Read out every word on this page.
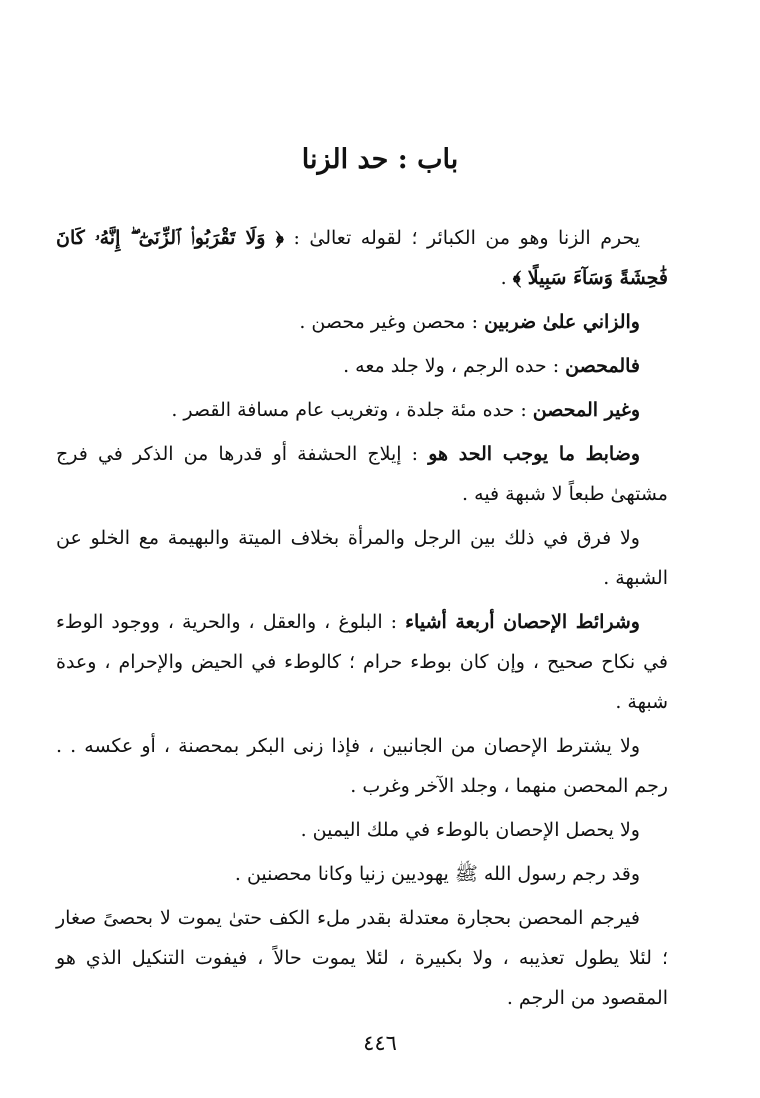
باب : حد الزنا

يحرم الزنا وهو من الكبائر ؛ لقوله تعالىٰ : ﴿ وَلَا تَقْرَبُوا۟ ٱلزِّنَىٰٓ ۖ إِنَّهُۥ كَانَ فَٰحِشَةً وَسَآءَ سَبِيلًا ﴾ .

والزاني علىٰ ضربين : محصن وغير محصن .

فالمحصن : حده الرجم ، ولا جلد معه .

وغير المحصن : حده مئة جلدة ، وتغريب عام مسافة القصر .

وضابط ما يوجب الحد هو : إيلاج الحشفة أو قدرها من الذكر في فرج مشتهىٰ طبعاً لا شبهة فيه .

ولا فرق في ذلك بين الرجل والمرأة بخلاف الميتة والبهيمة مع الخلو عن الشبهة .

وشرائط الإحصان أربعة أشياء : البلوغ ، والعقل ، والحرية ، ووجود الوطء في نكاح صحيح ، وإن كان بوطء حرام ؛ كالوطء في الحيض والإحرام ، وعدة شبهة .

ولا يشترط الإحصان من الجانبين ، فإذا زنى البكر بمحصنة ، أو عكسه . . رجم المحصن منهما ، وجلد الآخر وغرب .

ولا يحصل الإحصان بالوطء في ملك اليمين .

وقد رجم رسول الله ﷺ يهوديين زنيا وكانا محصنين .

فيرجم المحصن بحجارة معتدلة بقدر ملء الكف حتىٰ يموت لا بحصىً صغار ؛ لئلا يطول تعذيبه ، ولا بكبيرة ، لئلا يموت حالاً ، فيفوت التنكيل الذي هو المقصود من الرجم .

٤٤٦
